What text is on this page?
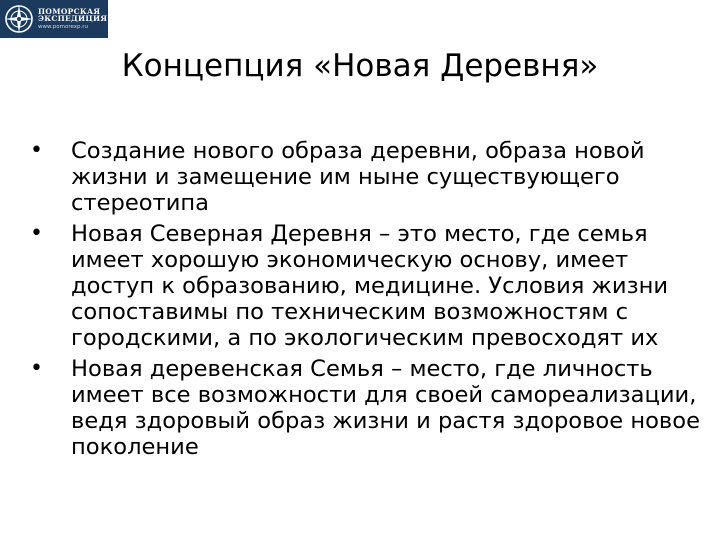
ПОМОРСКАЯ
ЭКСПЕДИЦИЯ
www.pomorexp.ru
Концепция «Новая Деревня»
• Создание нового образа деревни, образа новой жизни и замещение им ныне существующего стереотипа
• Новая Северная Деревня – это место, где семья имеет хорошую экономическую основу, имеет доступ к образованию, медицине. Условия жизни сопоставимы по техническим возможностям с городскими, а по экологическим превосходят их
• Новая деревенская Семья – место, где личность имеет все возможности для своей самореализации, ведя здоровый образ жизни и растя здоровое новое поколение
